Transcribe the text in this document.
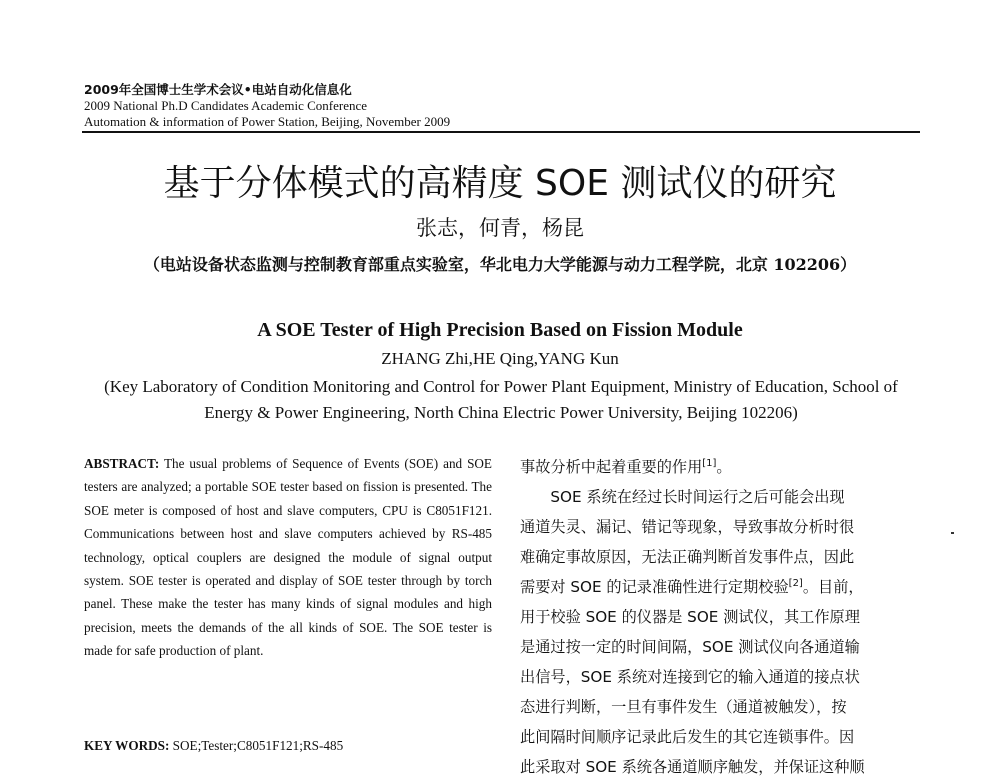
2009年全国博士生学术会议•电站自动化信息化
2009 National Ph.D Candidates Academic Conference
Automation & information of Power Station, Beijing, November 2009
基于分体模式的高精度 SOE 测试仪的研究
张志，何青，杨昆
（电站设备状态监测与控制教育部重点实验室，华北电力大学能源与动力工程学院，北京 102206）
A SOE Tester of High Precision Based on Fission Module
ZHANG Zhi,HE Qing,YANG Kun
(Key Laboratory of Condition Monitoring and Control for Power Plant Equipment, Ministry of Education, School of Energy & Power Engineering, North China Electric Power University, Beijing 102206)
ABSTRACT: The usual problems of Sequence of Events (SOE) and SOE testers are analyzed; a portable SOE tester based on fission is presented. The SOE meter is composed of host and slave computers, CPU is C8051F121. Communications between host and slave computers achieved by RS-485 technology, optical couplers are designed the module of signal output system. SOE tester is operated and display of SOE tester through by torch panel. These make the tester has many kinds of signal modules and high precision, meets the demands of the all kinds of SOE. The SOE tester is made for safe production of plant.
KEY WORDS: SOE;Tester;C8051F121;RS-485
事故分析中起着重要的作用[1]。
SOE 系统在经过长时间运行之后可能会出现
通道失灵、漏记、错记等现象，导致事故分析时很
难确定事故原因，无法正确判断首发事件点，因此
需要对 SOE 的记录准确性进行定期校验[2]。目前，
用于校验 SOE 的仪器是 SOE 测试仪，其工作原理
是通过按一定的时间间隔，SOE 测试仪向各通道输
出信号，SOE 系统对连接到它的输入通道的接点状
态进行判断，一旦有事件发生（通道被触发），按
此间隔时间顺序记录此后发生的其它连锁事件。因
此采取对 SOE 系统各通道顺序触发，并保证这种顺
